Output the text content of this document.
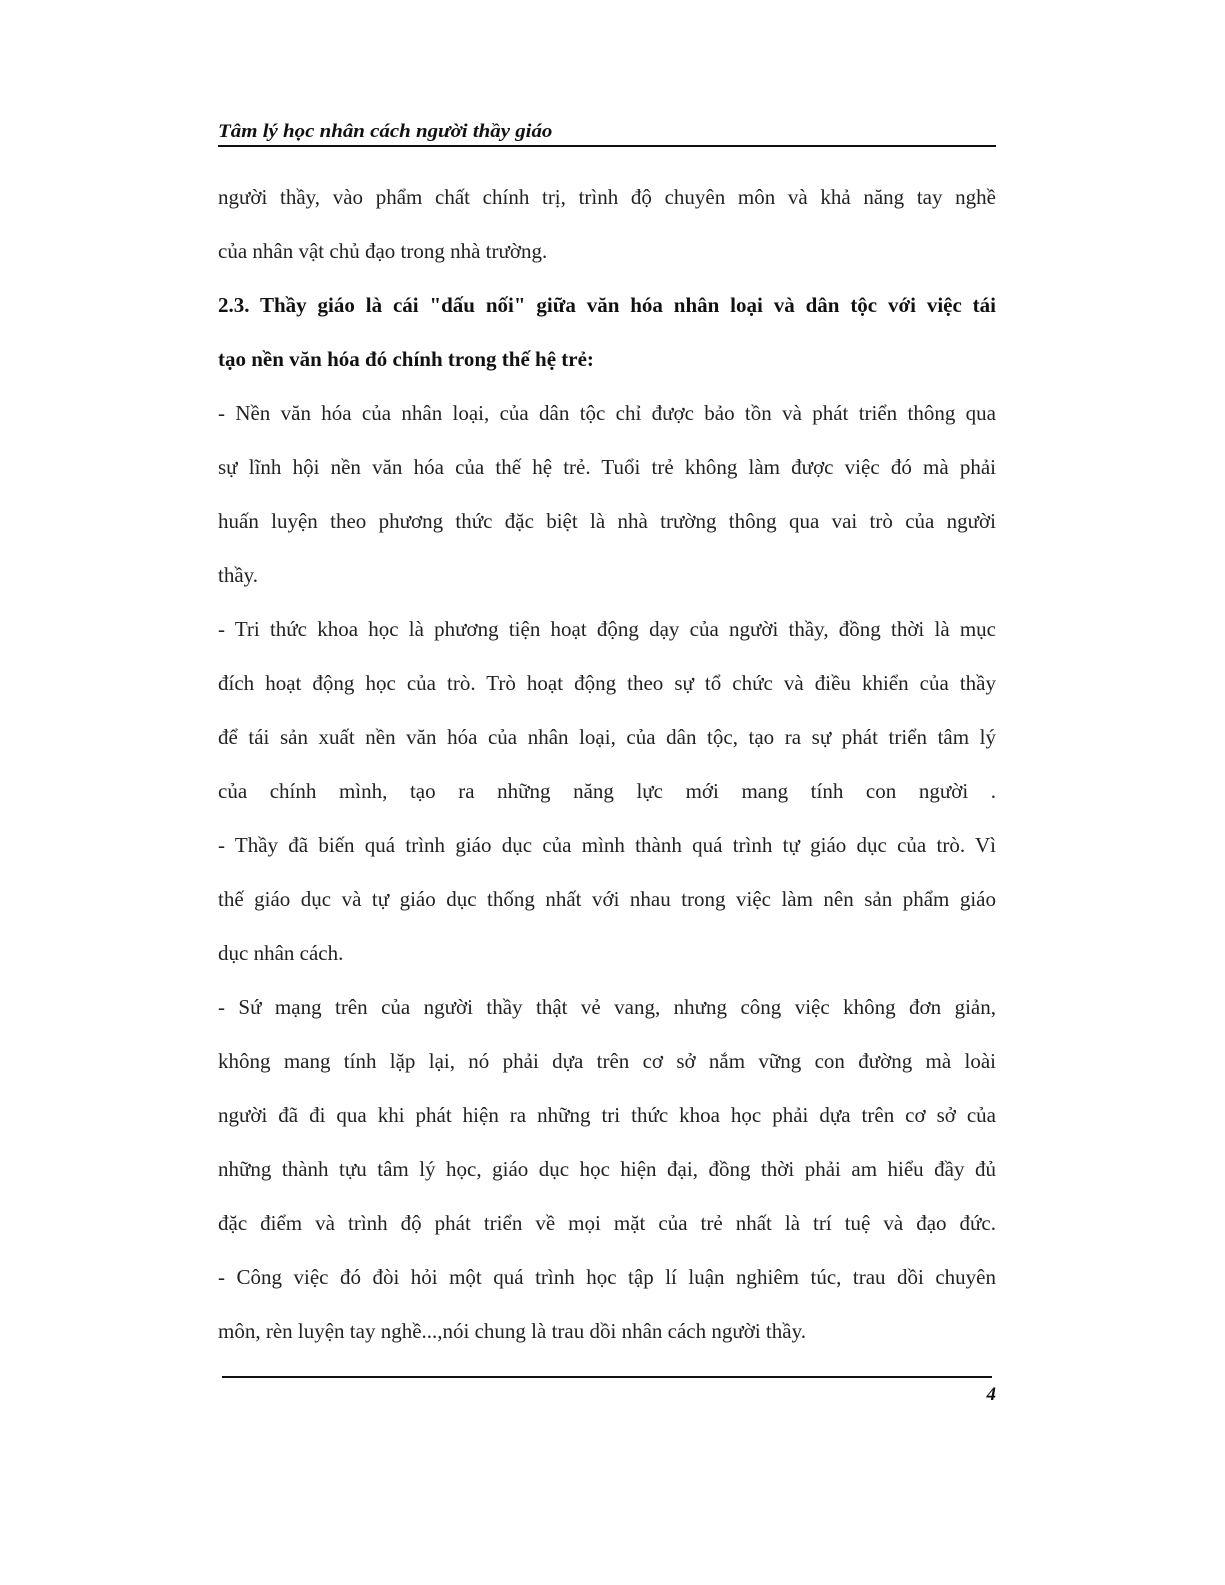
Tâm lý học nhân cách người thầy giáo
người thầy, vào phẩm chất chính trị, trình độ chuyên môn và khả năng tay nghề
của nhân vật chủ đạo trong nhà trường.
2.3. Thầy giáo là cái "dấu nối" giữa văn hóa nhân loại và dân tộc với việc tái
tạo nền văn hóa đó chính trong thế hệ trẻ:
- Nền văn hóa của nhân loại, của dân tộc chỉ được bảo tồn và phát triển thông qua
sự lĩnh hội nền văn hóa của thế hệ trẻ. Tuổi trẻ không làm được việc đó mà phải
huấn luyện theo phương thức đặc biệt là nhà trường thông qua vai trò của người
thầy.
- Tri thức khoa học là phương tiện hoạt động dạy của người thầy, đồng thời là mục
đích hoạt động học của trò. Trò hoạt động theo sự tổ chức và điều khiển của thầy
để tái sản xuất nền văn hóa của nhân loại, của dân tộc, tạo ra sự phát triển tâm lý
của chính mình, tạo ra những năng lực mới mang tính con người .
- Thầy đã biến quá trình giáo dục của mình thành quá trình tự giáo dục của trò. Vì
thế giáo dục và tự giáo dục thống nhất với nhau trong việc làm nên sản phẩm giáo
dục nhân cách.
- Sứ mạng trên của người thầy thật vẻ vang, nhưng công việc không đơn giản,
không mang tính lặp lại, nó phải dựa trên cơ sở nắm vững con đường mà loài
người đã đi qua khi phát hiện ra những tri thức khoa học phải dựa trên cơ sở của
những thành tựu tâm lý học, giáo dục học hiện đại, đồng thời phải am hiểu đầy đủ
đặc điểm và trình độ phát triển về mọi mặt của trẻ nhất là trí tuệ và đạo đức.
- Công việc đó đòi hỏi một quá trình học tập lí luận nghiêm túc, trau dồi chuyên
môn, rèn luyện tay nghề...,nói chung là trau dồi nhân cách người thầy.
4
